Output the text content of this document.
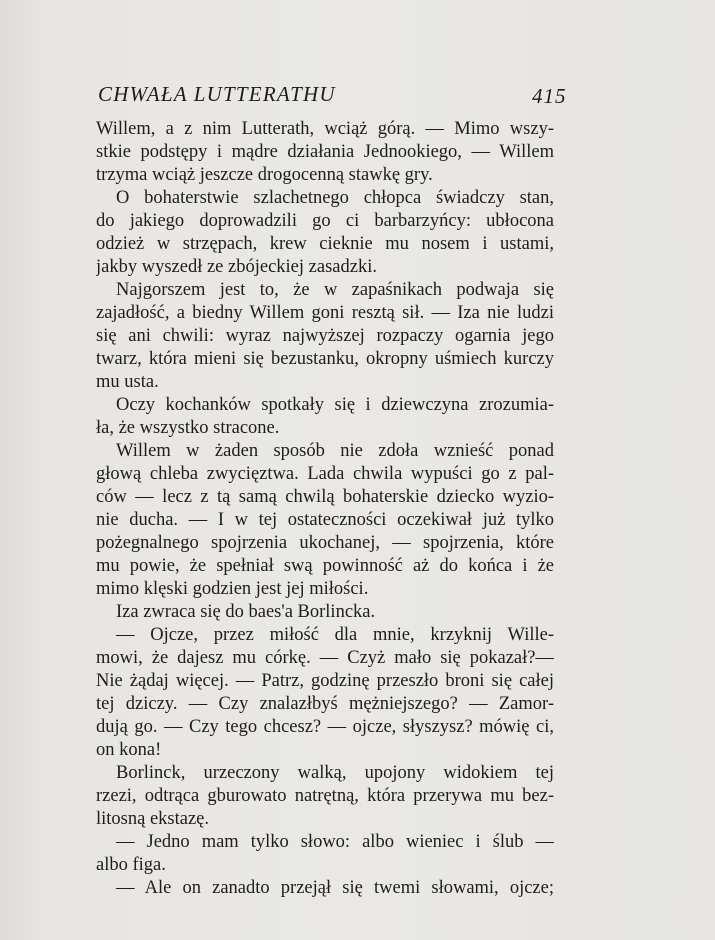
CHWAŁA LUTTERATHU	415
Willem, a z nim Lutterath, wciąż górą. — Mimo wszy-
stkie podstępy i mądre działania Jednookiego, — Willem
trzyma wciąż jeszcze drogocenną stawkę gry.
O bohaterstwie szlachetnego chłopca świadczy stan,
do jakiego doprowadzili go ci barbarzyńcy: ubłocona
odzież w strzępach, krew cieknie mu nosem i ustami,
jakby wyszedł ze zbójeckiej zasadzki.
Najgorszem jest to, że w zapaśnikach podwaja się
zajadłość, a biedny Willem goni resztą sił. — Iza nie ludzi
się ani chwili: wyraz najwyższej rozpaczy ogarnia jego
twarz, która mieni się bezustanku, okropny uśmiech kurczy
mu usta.
Oczy kochanków spotkały się i dziewczyna zrozumia-
ła, że wszystko stracone.
Willem w żaden sposób nie zdoła wznieść ponad
głową chleba zwycięztwa. Lada chwila wypuści go z pal-
ców — lecz z tą samą chwilą bohaterskie dziecko wyzio-
nie ducha. — I w tej ostateczności oczekiwał już tylko
pożegnalnego spojrzenia ukochanej, — spojrzenia, które
mu powie, że spełniał swą powinność aż do końca i że
mimo klęski godzien jest jej miłości.
Iza zwraca się do baes'a Borlincka.
— Ojcze, przez miłość dla mnie, krzyknij Wille-
mowi, że dajesz mu córkę. — Czyż mało się pokazał?—
Nie żądaj więcej. — Patrz, godzinę przeszło broni się całej
tej dziczy. — Czy znalazłbyś mężniejszego? — Zamor-
dują go. — Czy tego chcesz? — ojcze, słyszysz? mówię ci,
on kona!
Borlinck, urzeczony walką, upojony widokiem tej
rzezi, odtrąca gburowato natrętną, która przerywa mu bez-
litosną ekstazę.
— Jedno mam tylko słowo: albo wieniec i ślub —
albo figa.
— Ale on zanadto przejął się twemi słowami, ojcze;
